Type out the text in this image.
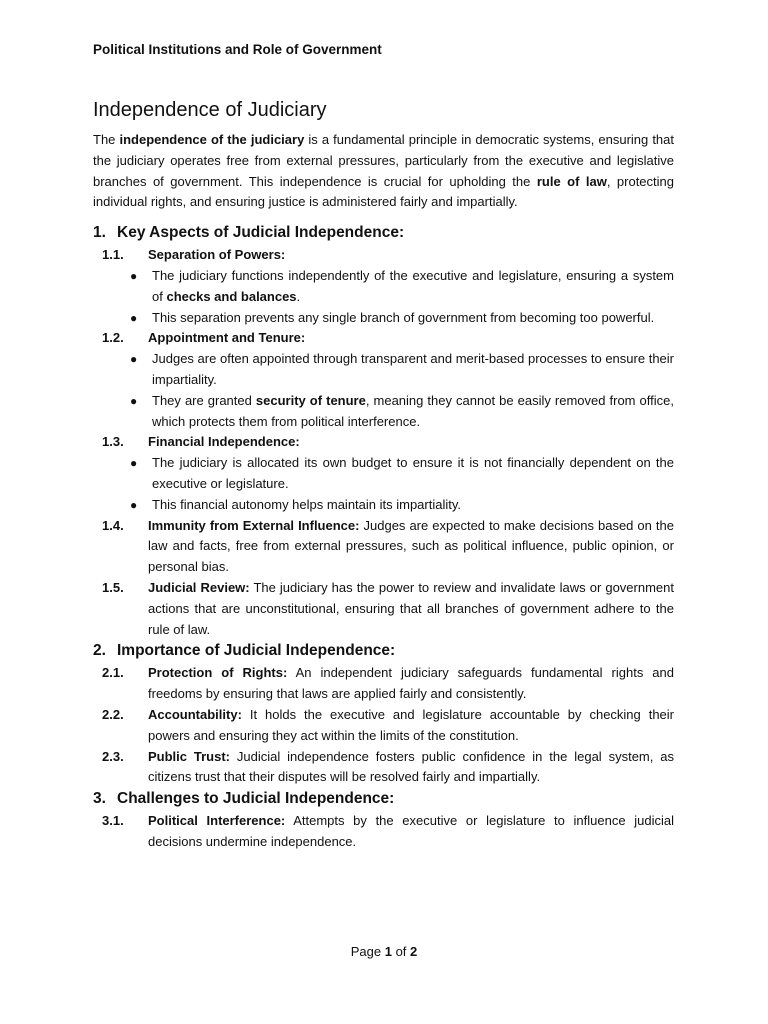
Political Institutions and Role of Government
Independence of Judiciary

The independence of the judiciary is a fundamental principle in democratic systems, ensuring that the judiciary operates free from external pressures, particularly from the executive and legislative branches of government. This independence is crucial for upholding the rule of law, protecting individual rights, and ensuring justice is administered fairly and impartially.

1. Key Aspects of Judicial Independence:
1.1. Separation of Powers:
● The judiciary functions independently of the executive and legislature, ensuring a system of checks and balances.
● This separation prevents any single branch of government from becoming too powerful.
1.2. Appointment and Tenure:
● Judges are often appointed through transparent and merit-based processes to ensure their impartiality.
● They are granted security of tenure, meaning they cannot be easily removed from office, which protects them from political interference.
1.3. Financial Independence:
● The judiciary is allocated its own budget to ensure it is not financially dependent on the executive or legislature.
● This financial autonomy helps maintain its impartiality.
1.4. Immunity from External Influence: Judges are expected to make decisions based on the law and facts, free from external pressures, such as political influence, public opinion, or personal bias.
1.5. Judicial Review: The judiciary has the power to review and invalidate laws or government actions that are unconstitutional, ensuring that all branches of government adhere to the rule of law.
2. Importance of Judicial Independence:
2.1. Protection of Rights: An independent judiciary safeguards fundamental rights and freedoms by ensuring that laws are applied fairly and consistently.
2.2. Accountability: It holds the executive and legislature accountable by checking their powers and ensuring they act within the limits of the constitution.
2.3. Public Trust: Judicial independence fosters public confidence in the legal system, as citizens trust that their disputes will be resolved fairly and impartially.
3. Challenges to Judicial Independence:
3.1. Political Interference: Attempts by the executive or legislature to influence judicial decisions undermine independence.
Page 1 of 2
